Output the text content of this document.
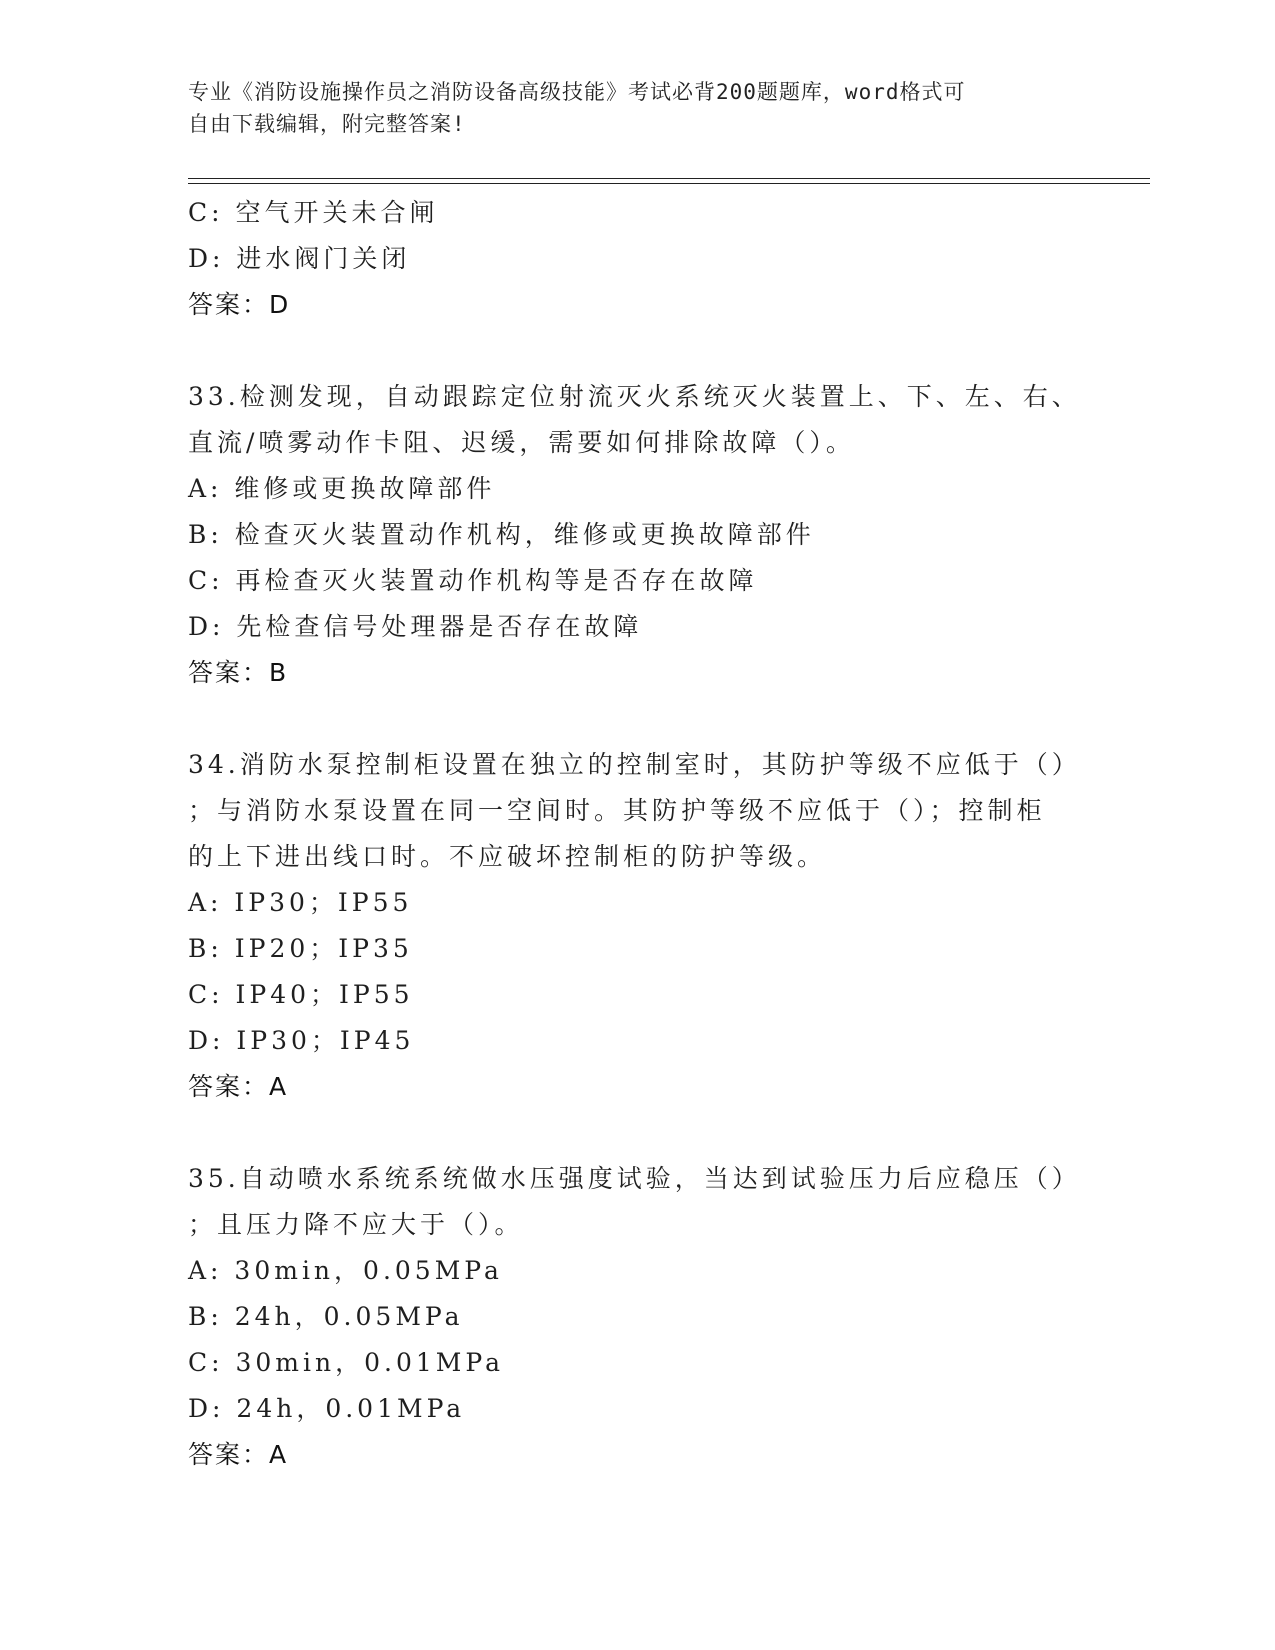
专业《消防设施操作员之消防设备高级技能》考试必背200题题库，word格式可
自由下载编辑，附完整答案!
C: 空气开关未合闸
D: 进水阀门关闭
答案：D
33.检测发现，自动跟踪定位射流灭火系统灭火装置上、下、左、右、
直流/喷雾动作卡阻、迟缓，需要如何排除故障（）。
A: 维修或更换故障部件
B: 检查灭火装置动作机构，维修或更换故障部件
C: 再检查灭火装置动作机构等是否存在故障
D: 先检查信号处理器是否存在故障
答案：B
34.消防水泵控制柜设置在独立的控制室时，其防护等级不应低于（）
；与消防水泵设置在同一空间时。其防护等级不应低于（）；控制柜
的上下进出线口时。不应破坏控制柜的防护等级。
A: IP30；IP55
B: IP20；IP35
C: IP40；IP55
D: IP30；IP45
答案：A
35.自动喷水系统系统做水压强度试验，当达到试验压力后应稳压（）
；且压力降不应大于（）。
A: 30min，0.05MPa
B: 24h，0.05MPa
C: 30min，0.01MPa
D: 24h，0.01MPa
答案：A
